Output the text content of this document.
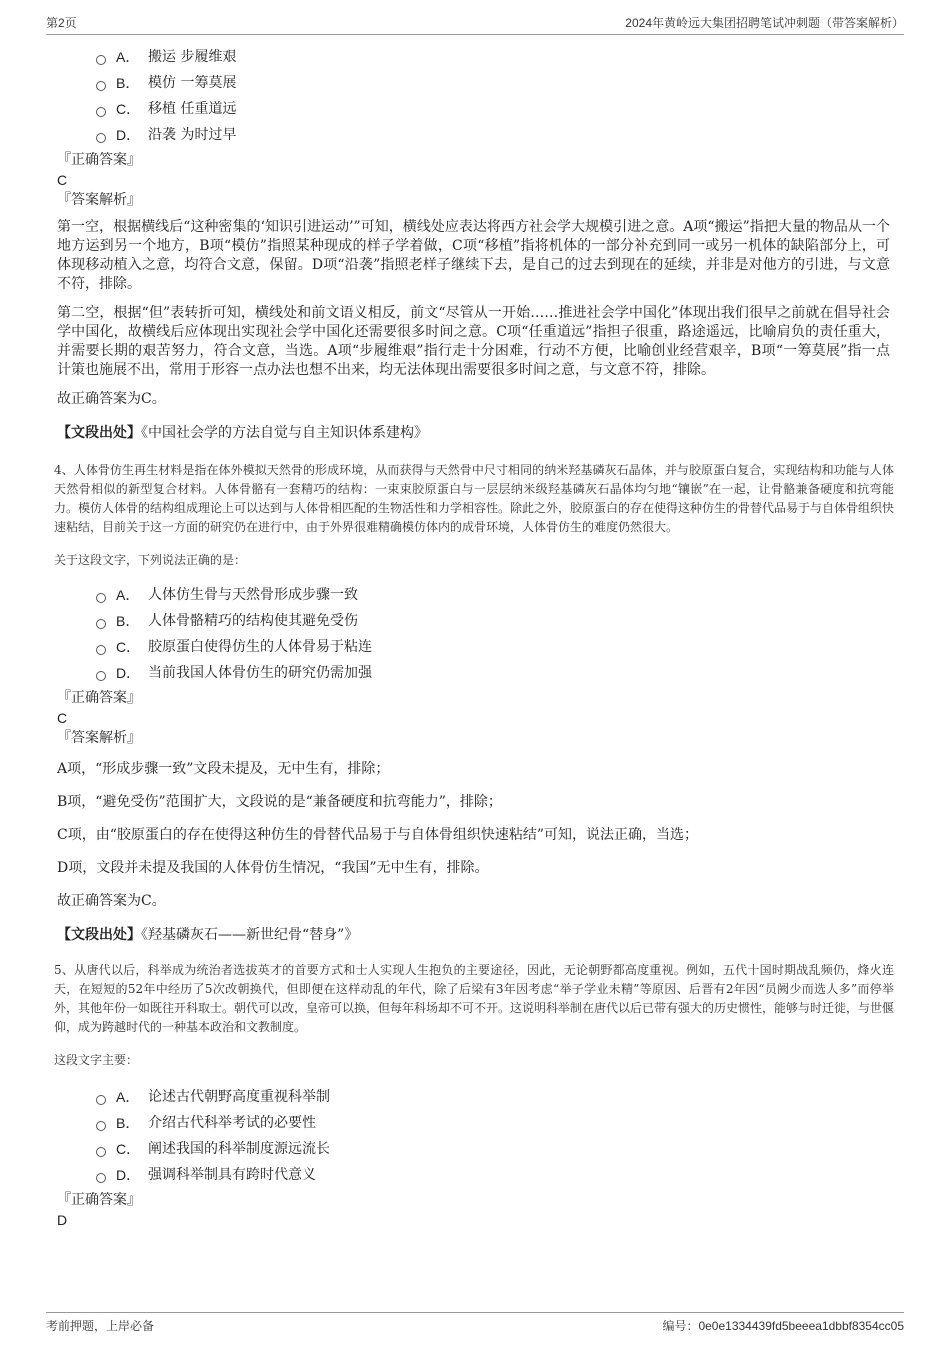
第2页	2024年黄岭远大集团招聘笔试冲刺题（带答案解析）
A． 搬运 步履维艰
B． 模仿 一筹莫展
C． 移植 任重道远
D． 沿袭 为时过早
『正确答案』
C
『答案解析』
第一空，根据横线后“这种密集的‘知识引进运动’”可知，横线处应表达将西方社会学大规模引进之意。A项“搬运”指把大量的物品从一个地方运到另一个地方，B项“模仿”指照某种现成的样子学着做，C项“移植”指将机体的一部分补充到同一或另一机体的缺陷部分上，可体现移动植入之意，均符合文意，保留。D项“沿袭”指照老样子继续下去，是自己的过去到现在的延续，并非是对他方的引进，与文意不符，排除。
第二空，根据“但”表转折可知，横线处和前文语义相反，前文“尽管从一开始……推进社会学中国化”体现出我们很早之前就在倡导社会学中国化，故横线后应体现出实现社会学中国化还需要很多时间之意。C项“任重道远”指担子很重，路途遥远，比喻肩负的责任重大，并需要长期的艰苦努力，符合文意，当选。A项“步履维艰”指行走十分困难，行动不方便，比喻创业经营艰辛，B项“一筹莫展”指一点计策也施展不出，常用于形容一点办法也想不出来，均无法体现出需要很多时间之意，与文意不符，排除。
故正确答案为C。
【文段出处】《中国社会学的方法自觉与自主知识体系建构》
4、人体骨仿生再生材料是指在体外模拟天然骨的形成环境，从而获得与天然骨中尺寸相同的纳米羟基磷灰石晶体，并与胶原蛋白复合，实现结构和功能与人体天然骨相似的新型复合材料。人体骨骼有一套精巧的结构：一束束胶原蛋白与一层层纳米级羟基磷灰石晶体均匀地“镶嵌”在一起，让骨骼兼备硬度和抗弯能力。模仿人体骨的结构组成理论上可以达到与人体骨相匹配的生物活性和力学相容性。除此之外，胶原蛋白的存在使得这种仿生的骨替代品易于与自体骨组织快速粘结，目前关于这一方面的研究仍在进行中，由于外界很难精确模仿体内的成骨环境，人体骨仿生的难度仍然很大。
关于这段文字，下列说法正确的是：
A． 人体仿生骨与天然骨形成步骤一致
B． 人体骨骼精巧的结构使其避免受伤
C． 胶原蛋白使得仿生的人体骨易于粘连
D． 当前我国人体骨仿生的研究仍需加强
『正确答案』
C
『答案解析』
A项，“形成步骤一致”文段未提及，无中生有，排除；
B项，“避免受伤”范围扩大，文段说的是“兼备硬度和抗弯能力”，排除；
C项，由“胶原蛋白的存在使得这种仿生的骨替代品易于与自体骨组织快速粘结”可知，说法正确，当选；
D项，文段并未提及我国的人体骨仿生情况，“我国”无中生有，排除。
故正确答案为C。
【文段出处】《羟基磷灰石——新世纪骨“替身”》
5、从唐代以后，科举成为统治者选拔英才的首要方式和士人实现人生抱负的主要途径，因此，无论朝野都高度重视。例如，五代十国时期战乱频仍，烽火连天，在短短的52年中经历了5次改朝换代，但即便在这样动乱的年代，除了后梁有3年因考虑“举子学业未精”等原因、后晋有2年因“员阙少而选人多”而停举外，其他年份一如既往开科取士。朝代可以改，皇帝可以换，但每年科场却不可不开。这说明科举制在唐代以后已带有强大的历史惯性，能够与时迁徙，与世偃仰，成为跨越时代的一种基本政治和文教制度。
这段文字主要：
A． 论述古代朝野高度重视科举制
B． 介绍古代科举考试的必要性
C． 阐述我国的科举制度源远流长
D． 强调科举制具有跨时代意义
『正确答案』
D
考前押题，上岸必备	编号：0e0e1334439fd5beeea1dbbf8354cc05
